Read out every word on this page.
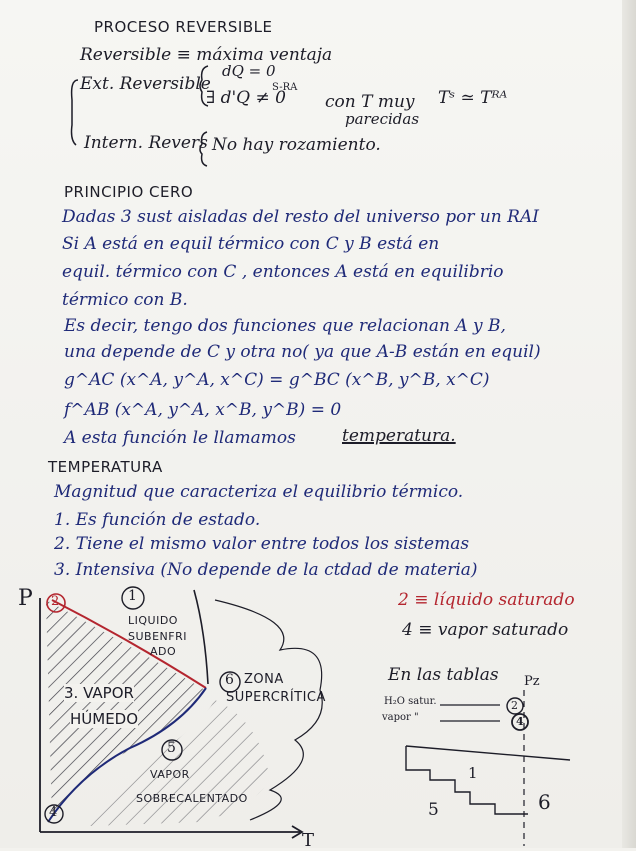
PROCESO REVERSIBLE
Reversible ≡ máxima ventaja
Ext. Reversible
dQ = 0
S-RA
∃ d'Q ≠ 0 con T muy
parecidas
Tˢ ≃ Tᴿᴬ
Intern. Revers No hay rozamiento.
PRINCIPIO CERO
Dadas 3 sust aisladas del resto del universo por un RAI
Si A está en equil térmico con C y B está en
equil. térmico con C , entonces A está en equilibrio
térmico con B.
Es decir, tengo dos funciones que relacionan A y B,
una depende de C y otra no( ya que A-B están en equil)
g^AC (x^A, y^A, x^C) = g^BC (x^B, y^B, x^C)
f^AB (x^A, y^A, x^B, y^B) = 0
A esta función le llamamos	temperatura.
TEMPERATURA
Magnitud que caracteriza el equilibrio térmico.
1. Es función de estado.
2. Tiene el mismo valor entre todos los sistemas
3. Intensiva (No depende de la ctdad de materia)
P
T
2	1
6
5
4
LIQUIDO
SUBENFRI
ADO
3. VAPOR
HÚMEDO
ZONA
SUPERCRÍTICA
VAPOR
SOBRECALENTADO
2 ≡ líquido saturado
4 ≡ vapor saturado
En las tablas Pz
H₂O satur.
vapor "
2
4
1
5	6
